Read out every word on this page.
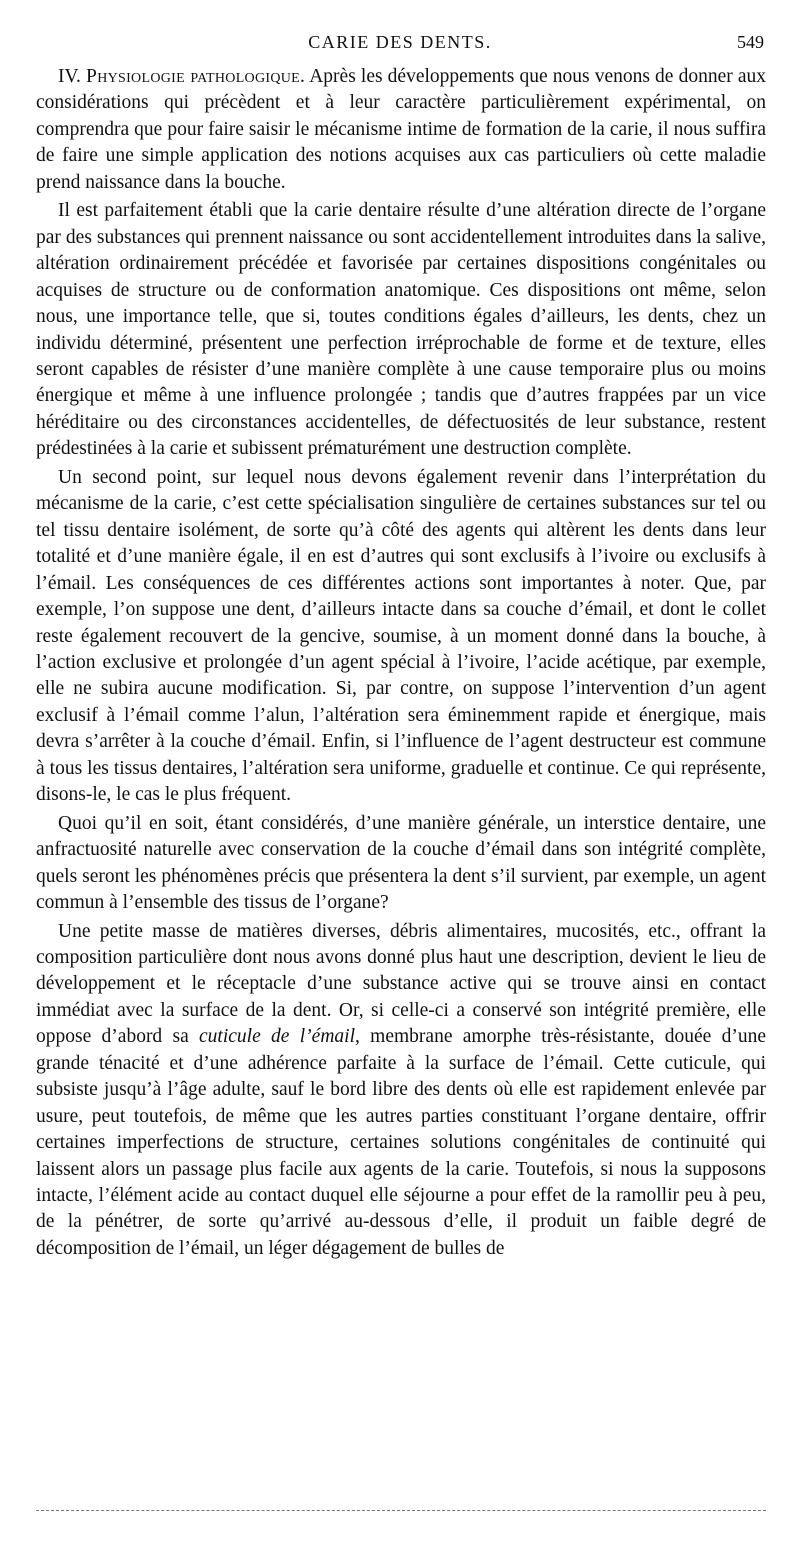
CARIE DES DENTS.	549

IV. Physiologie pathologique. Après les développements que nous venons de donner aux considérations qui précèdent et à leur caractère particulièrement expérimental, on comprendra que pour faire saisir le mécanisme intime de formation de la carie, il nous suffira de faire une simple application des notions acquises aux cas particuliers où cette maladie prend naissance dans la bouche.

Il est parfaitement établi que la carie dentaire résulte d’une altération directe de l’organe par des substances qui prennent naissance ou sont accidentellement introduites dans la salive, altération ordinairement précédée et favorisée par certaines dispositions congénitales ou acquises de structure ou de conformation anatomique. Ces dispositions ont même, selon nous, une importance telle, que si, toutes conditions égales d’ailleurs, les dents, chez un individu déterminé, présentent une perfection irréprochable de forme et de texture, elles seront capables de résister d’une manière complète à une cause temporaire plus ou moins énergique et même à une influence prolongée ; tandis que d’autres frappées par un vice héréditaire ou des circonstances accidentelles, de défectuosités de leur substance, restent prédestinées à la carie et subissent prématurément une destruction complète.

Un second point, sur lequel nous devons également revenir dans l’interprétation du mécanisme de la carie, c’est cette spécialisation singulière de certaines substances sur tel ou tel tissu dentaire isolément, de sorte qu’à côté des agents qui altèrent les dents dans leur totalité et d’une manière égale, il en est d’autres qui sont exclusifs à l’ivoire ou exclusifs à l’émail. Les conséquences de ces différentes actions sont importantes à noter. Que, par exemple, l’on suppose une dent, d’ailleurs intacte dans sa couche d’émail, et dont le collet reste également recouvert de la gencive, soumise, à un moment donné dans la bouche, à l’action exclusive et prolongée d’un agent spécial à l’ivoire, l’acide acétique, par exemple, elle ne subira aucune modification. Si, par contre, on suppose l’intervention d’un agent exclusif à l’émail comme l’alun, l’altération sera éminemment rapide et énergique, mais devra s’arrêter à la couche d’émail. Enfin, si l’influence de l’agent destructeur est commune à tous les tissus dentaires, l’altération sera uniforme, graduelle et continue. Ce qui représente, disons-le, le cas le plus fréquent.

Quoi qu’il en soit, étant considérés, d’une manière générale, un interstice dentaire, une anfractuosité naturelle avec conservation de la couche d’émail dans son intégrité complète, quels seront les phénomènes précis que présentera la dent s’il survient, par exemple, un agent commun à l’ensemble des tissus de l’organe?

Une petite masse de matières diverses, débris alimentaires, mucosités, etc., offrant la composition particulière dont nous avons donné plus haut une description, devient le lieu de développement et le réceptacle d’une substance active qui se trouve ainsi en contact immédiat avec la surface de la dent. Or, si celle-ci a conservé son intégrité première, elle oppose d’abord sa cuticule de l’émail, membrane amorphe très-résistante, douée d’une grande ténacité et d’une adhérence parfaite à la surface de l’émail. Cette cuticule, qui subsiste jusqu’à l’âge adulte, sauf le bord libre des dents où elle est rapidement enlevée par usure, peut toutefois, de même que les autres parties constituant l’organe dentaire, offrir certaines imperfections de structure, certaines solutions congénitales de continuité qui laissent alors un passage plus facile aux agents de la carie. Toutefois, si nous la supposons intacte, l’élément acide au contact duquel elle séjourne a pour effet de la ramollir peu à peu, de la pénétrer, de sorte qu’arrivé au-dessous d’elle, il produit un faible degré de décomposition de l’émail, un léger dégagement de bulles de
